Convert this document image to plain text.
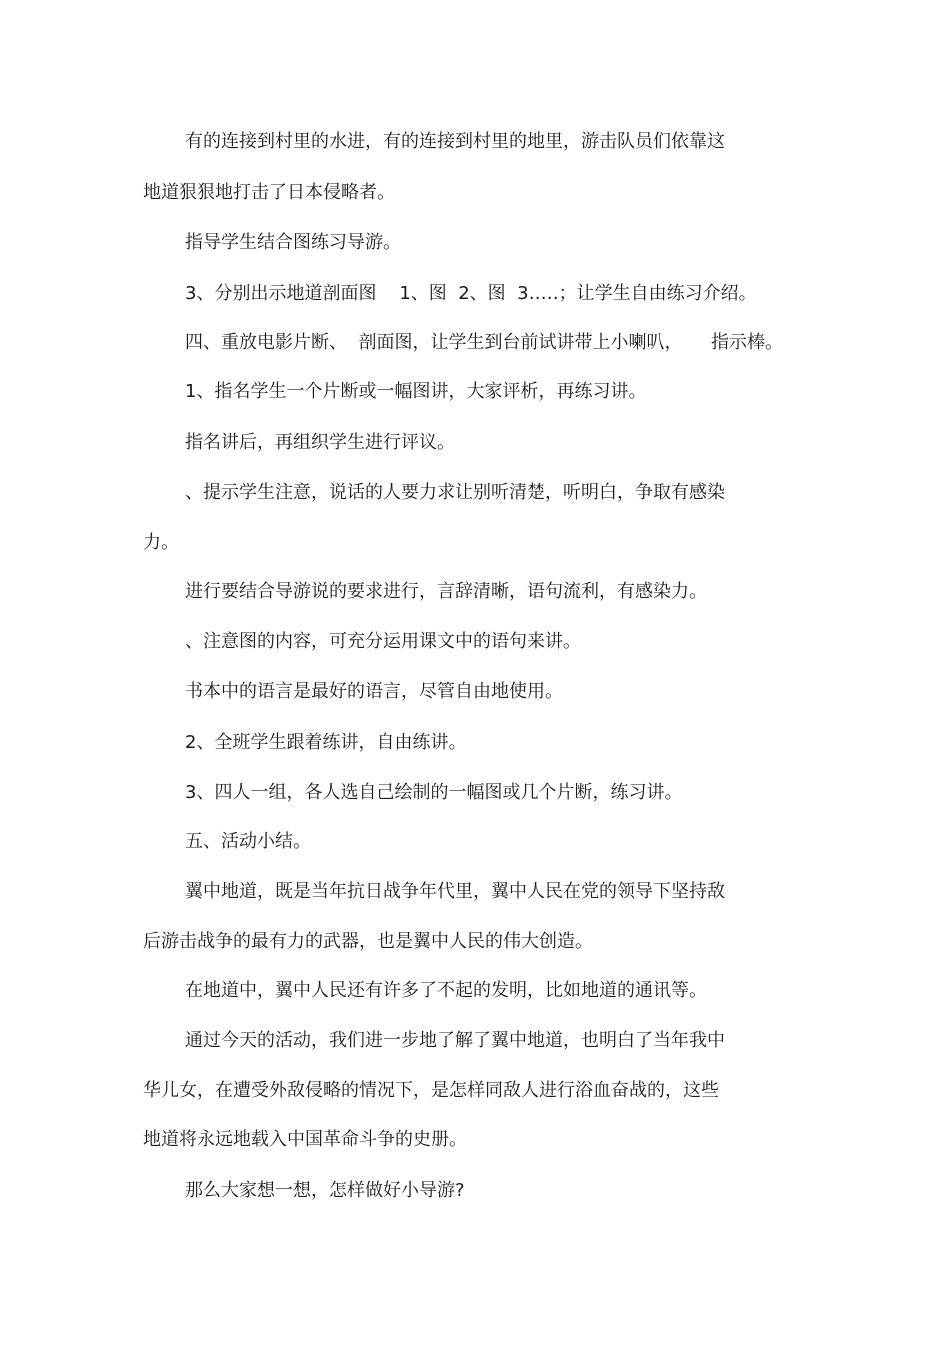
有的连接到村里的水进，有的连接到村里的地里，游击队员们依靠这
地道狠狠地打击了日本侵略者。
指导学生结合图练习导游。
3、分别出示地道剖面图    1、图  2、图  3…‥；让学生自由练习介绍。
四、重放电影片断、  剖面图，让学生到台前试讲带上小喇叭，     指示棒。
1、指名学生一个片断或一幅图讲，大家评析，再练习讲。
指名讲后，再组织学生进行评议。
、提示学生注意，说话的人要力求让别听清楚，听明白，争取有感染
力。
进行要结合导游说的要求进行，言辞清晰，语句流利，有感染力。
、注意图的内容，可充分运用课文中的语句来讲。
书本中的语言是最好的语言，尽管自由地使用。
2、全班学生跟着练讲，自由练讲。
3、四人一组，各人选自己绘制的一幅图或几个片断，练习讲。
五、活动小结。
翼中地道，既是当年抗日战争年代里，翼中人民在党的领导下坚持敌
后游击战争的最有力的武器，也是翼中人民的伟大创造。
在地道中，翼中人民还有许多了不起的发明，比如地道的通讯等。
通过今天的活动，我们进一步地了解了翼中地道，也明白了当年我中
华儿女，在遭受外敌侵略的情况下，是怎样同敌人进行浴血奋战的，这些
地道将永远地载入中国革命斗争的史册。
那么大家想一想，怎样做好小导游?
